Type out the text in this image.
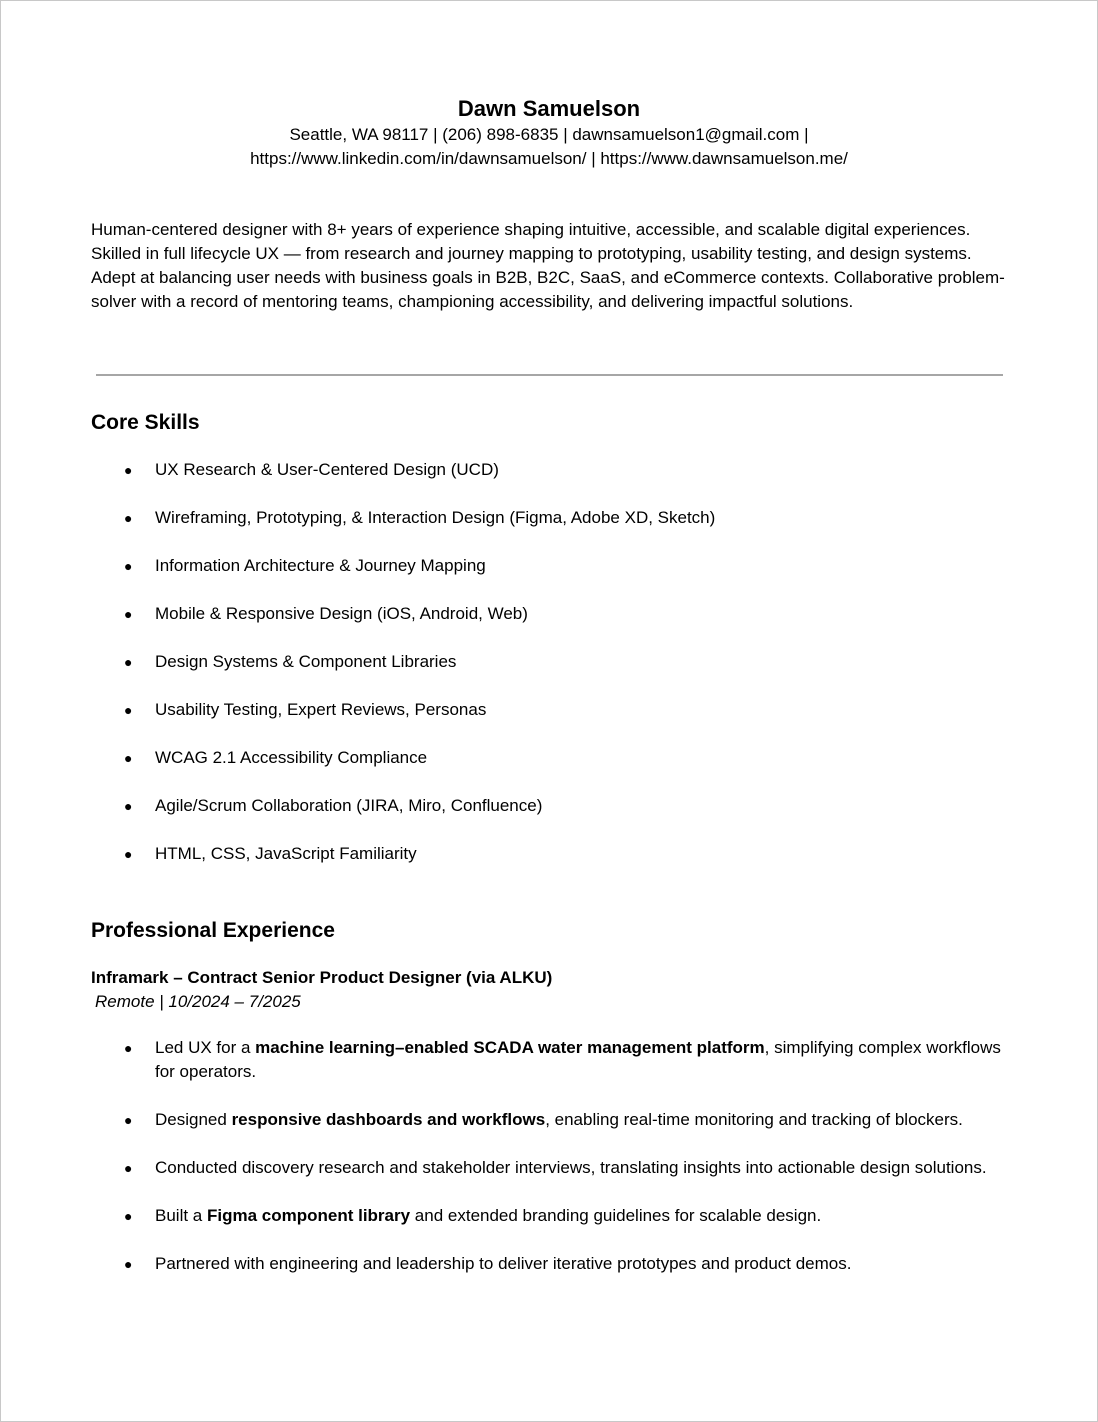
Dawn Samuelson

Seattle, WA 98117 | (206) 898-6835 | dawnsamuelson1@gmail.com |

https://www.linkedin.com/in/dawnsamuelson/ | https://www.dawnsamuelson.me/

Human-centered designer with 8+ years of experience shaping intuitive, accessible, and scalable digital experiences. Skilled in full lifecycle UX — from research and journey mapping to prototyping, usability testing, and design systems. Adept at balancing user needs with business goals in B2B, B2C, SaaS, and eCommerce contexts. Collaborative problem-solver with a record of mentoring teams, championing accessibility, and delivering impactful solutions.

Core Skills
● UX Research & User-Centered Design (UCD)
● Wireframing, Prototyping, & Interaction Design (Figma, Adobe XD, Sketch)
● Information Architecture & Journey Mapping
● Mobile & Responsive Design (iOS, Android, Web)
● Design Systems & Component Libraries
● Usability Testing, Expert Reviews, Personas
● WCAG 2.1 Accessibility Compliance
● Agile/Scrum Collaboration (JIRA, Miro, Confluence)
● HTML, CSS, JavaScript Familiarity
Professional Experience

Inframark – Contract Senior Product Designer (via ALKU)

Remote | 10/2024 – 7/2025

● Led UX for a machine learning–enabled SCADA water management platform, simplifying complex workflows for operators.
● Designed responsive dashboards and workflows, enabling real-time monitoring and tracking of blockers.
● Conducted discovery research and stakeholder interviews, translating insights into actionable design solutions.
● Built a Figma component library and extended branding guidelines for scalable design.
● Partnered with engineering and leadership to deliver iterative prototypes and product demos.
